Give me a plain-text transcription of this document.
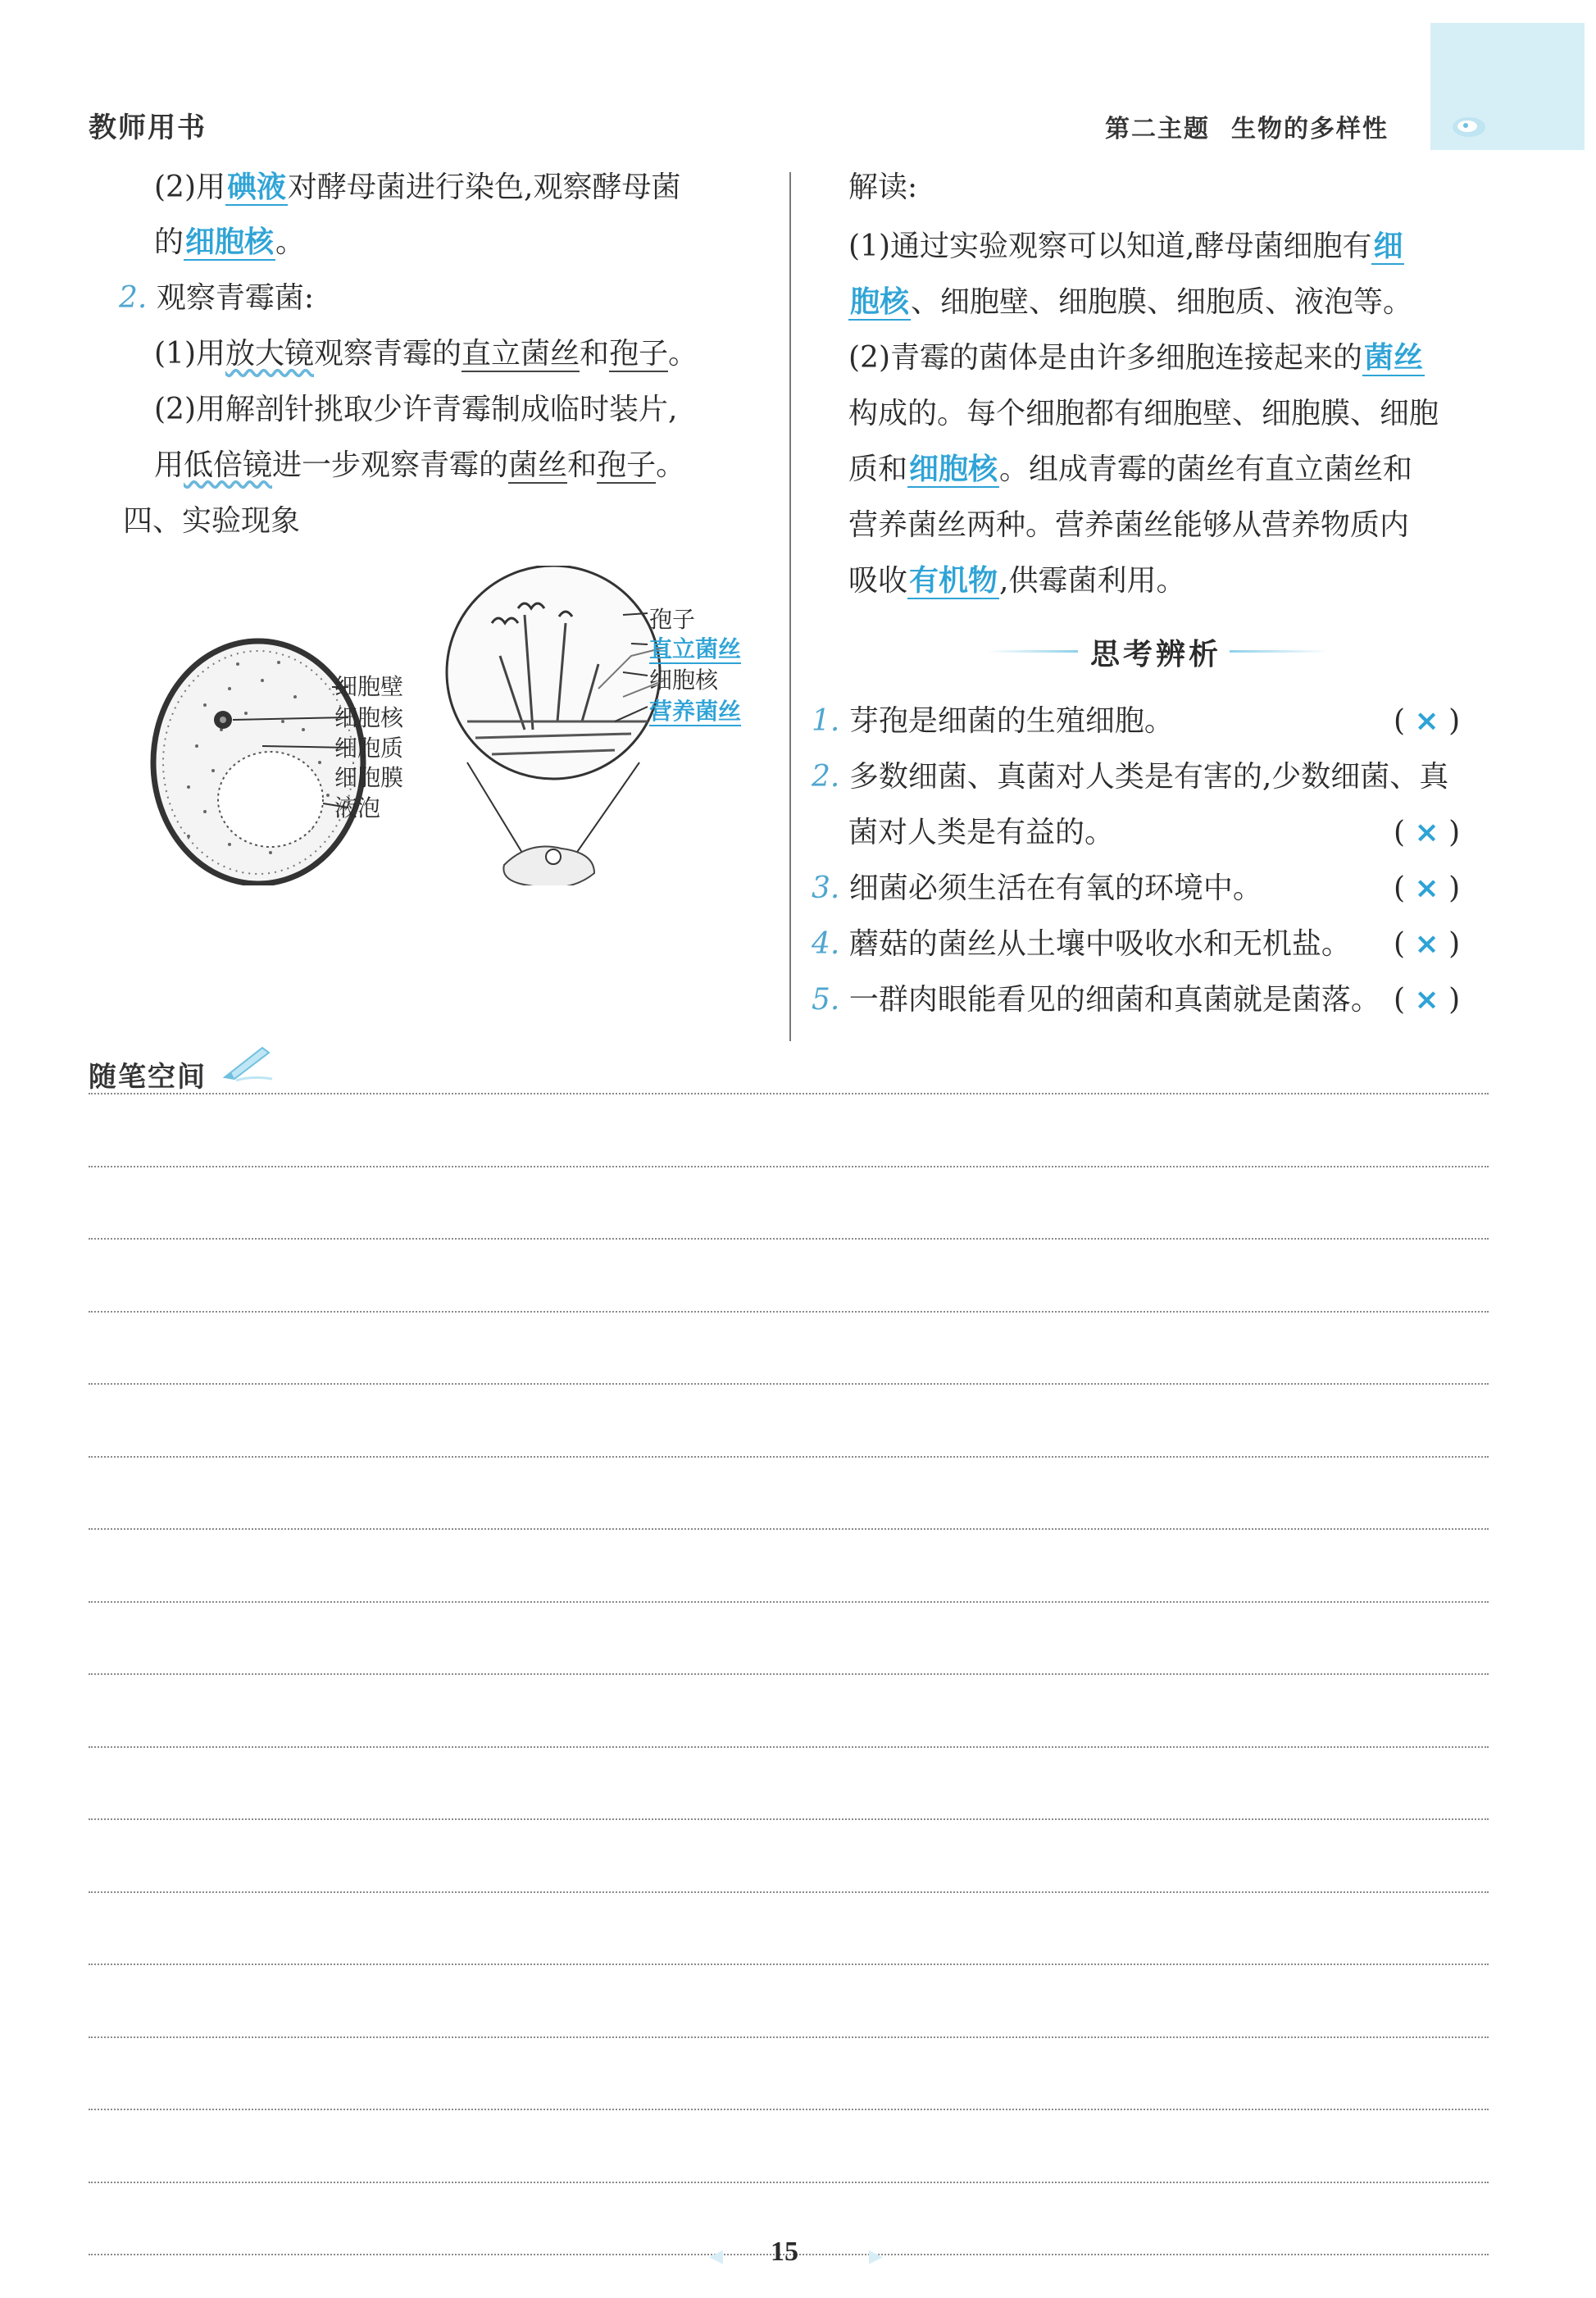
教师用书	第二主题 生物的多样性
(2)用碘液对酵母菌进行染色,观察酵母菌
的细胞核。
2. 观察青霉菌:
(1)用放大镜观察青霉的直立菌丝和孢子。
(2)用解剖针挑取少许青霉制成临时装片,
用低倍镜进一步观察青霉的菌丝和孢子。
四、实验现象
细胞壁
细胞核
细胞质
细胞膜
液泡
孢子
直立菌丝
细胞核
营养菌丝
解读:
(1)通过实验观察可以知道,酵母菌细胞有细
胞核、细胞壁、细胞膜、细胞质、液泡等。
(2)青霉的菌体是由许多细胞连接起来的菌丝
构成的。每个细胞都有细胞壁、细胞膜、细胞
质和细胞核。组成青霉的菌丝有直立菌丝和
营养菌丝两种。营养菌丝能够从营养物质内
吸收有机物,供霉菌利用。
思考辨析
1. 芽孢是细菌的生殖细胞。	( × )
2. 多数细菌、真菌对人类是有害的,少数细菌、真
菌对人类是有益的。	( × )
3. 细菌必须生活在有氧的环境中。	( × )
4. 蘑菇的菌丝从土壤中吸收水和无机盐。 ( × )
5. 一群肉眼能看见的细菌和真菌就是菌落。 ( × )
随笔空间
◀ 15	▶
